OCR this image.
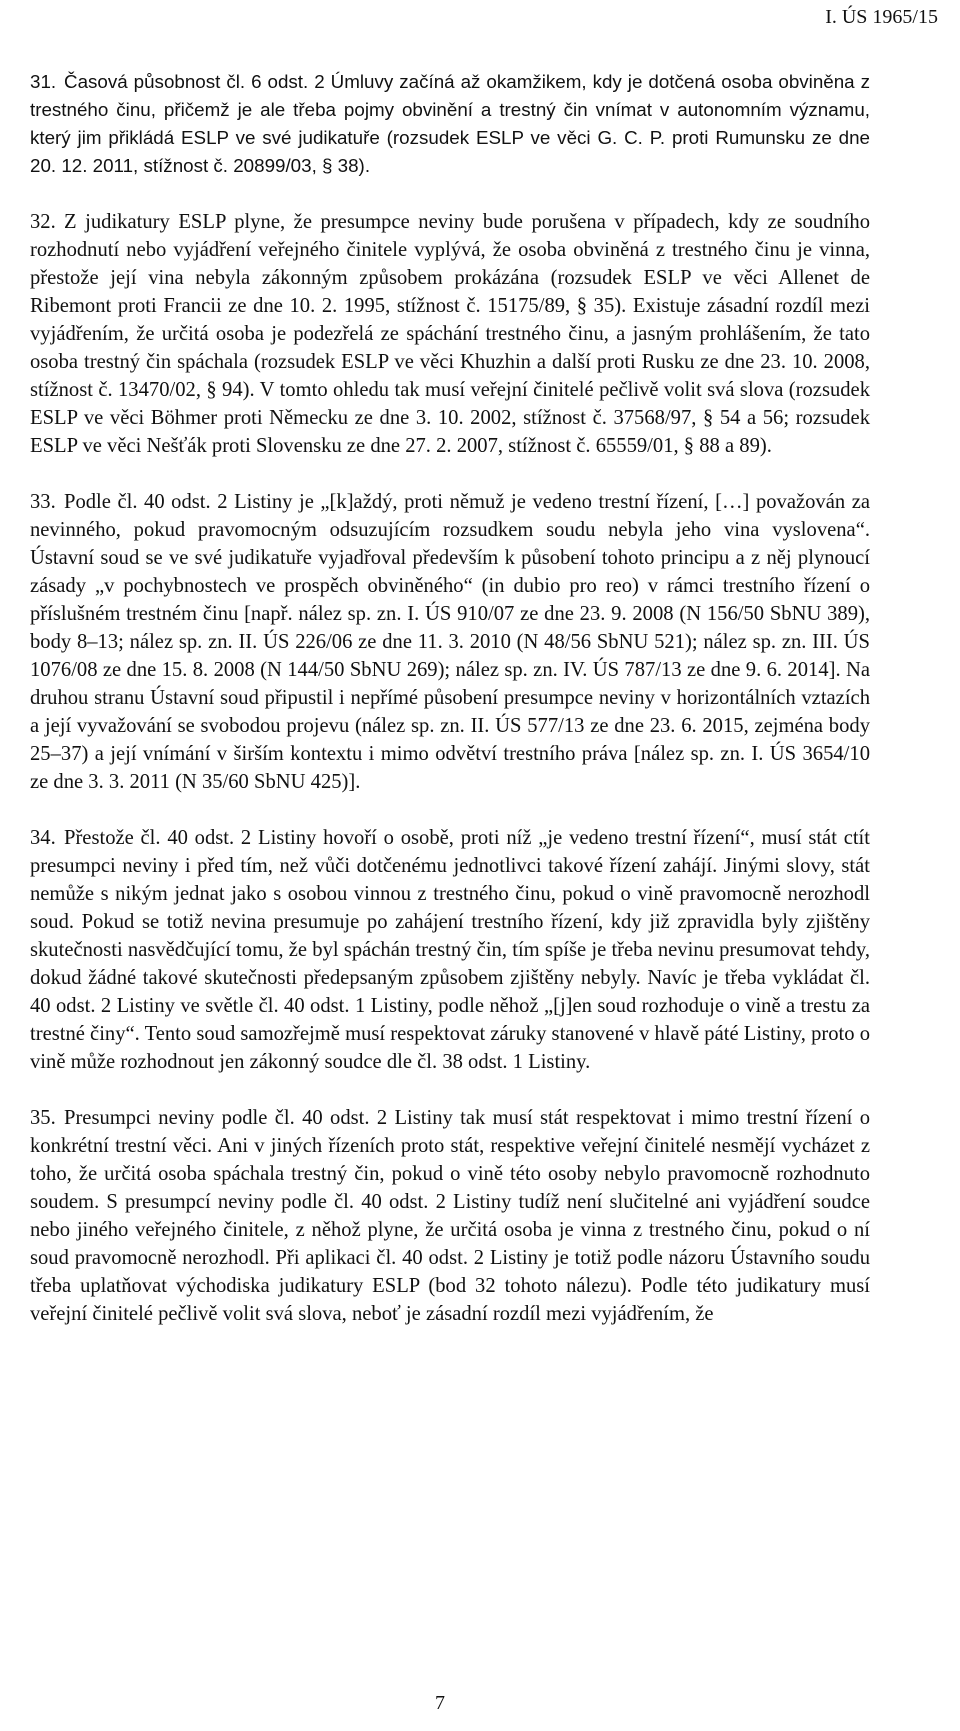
I. ÚS 1965/15

31. Časová působnost čl. 6 odst. 2 Úmluvy začíná až okamžikem, kdy je dotčená osoba obviněna z trestného činu, přičemž je ale třeba pojmy obvinění a trestný čin vnímat v autonomním významu, který jim přikládá ESLP ve své judikatuře (rozsudek ESLP ve věci G. C. P. proti Rumunsku ze dne 20. 12. 2011, stížnost č. 20899/03, § 38).

32. Z judikatury ESLP plyne, že presumpce neviny bude porušena v případech, kdy ze soudního rozhodnutí nebo vyjádření veřejného činitele vyplývá, že osoba obviněná z trestného činu je vinna, přestože její vina nebyla zákonným způsobem prokázána (rozsudek ESLP ve věci Allenet de Ribemont proti Francii ze dne 10. 2. 1995, stížnost č. 15175/89, § 35). Existuje zásadní rozdíl mezi vyjádřením, že určitá osoba je podezřelá ze spáchání trestného činu, a jasným prohlášením, že tato osoba trestný čin spáchala (rozsudek ESLP ve věci Khuzhin a další proti Rusku ze dne 23. 10. 2008, stížnost č. 13470/02, § 94). V tomto ohledu tak musí veřejní činitelé pečlivě volit svá slova (rozsudek ESLP ve věci Böhmer proti Německu ze dne 3. 10. 2002, stížnost č. 37568/97, § 54 a 56; rozsudek ESLP ve věci Nešťák proti Slovensku ze dne 27. 2. 2007, stížnost č. 65559/01, § 88 a 89).

33. Podle čl. 40 odst. 2 Listiny je „[k]aždý, proti němuž je vedeno trestní řízení, […] považován za nevinného, pokud pravomocným odsuzujícím rozsudkem soudu nebyla jeho vina vyslovena“. Ústavní soud se ve své judikatuře vyjadřoval především k působení tohoto principu a z něj plynoucí zásady „v pochybnostech ve prospěch obviněného“ (in dubio pro reo) v rámci trestního řízení o příslušném trestném činu [např. nález sp. zn. I. ÚS 910/07 ze dne 23. 9. 2008 (N 156/50 SbNU 389), body 8–13; nález sp. zn. II. ÚS 226/06 ze dne 11. 3. 2010 (N 48/56 SbNU 521); nález sp. zn. III. ÚS 1076/08 ze dne 15. 8. 2008 (N 144/50 SbNU 269); nález sp. zn. IV. ÚS 787/13 ze dne 9. 6. 2014]. Na druhou stranu Ústavní soud připustil i nepřímé působení presumpce neviny v horizontálních vztazích a její vyvažování se svobodou projevu (nález sp. zn. II. ÚS 577/13 ze dne 23. 6. 2015, zejména body 25–37) a její vnímání v širším kontextu i mimo odvětví trestního práva [nález sp. zn. I. ÚS 3654/10 ze dne 3. 3. 2011 (N 35/60 SbNU 425)].

34. Přestože čl. 40 odst. 2 Listiny hovoří o osobě, proti níž „je vedeno trestní řízení“, musí stát ctít presumpci neviny i před tím, než vůči dotčenému jednotlivci takové řízení zahájí. Jinými slovy, stát nemůže s nikým jednat jako s osobou vinnou z trestného činu, pokud o vině pravomocně nerozhodl soud. Pokud se totiž nevina presumuje po zahájení trestního řízení, kdy již zpravidla byly zjištěny skutečnosti nasvědčující tomu, že byl spáchán trestný čin, tím spíše je třeba nevinu presumovat tehdy, dokud žádné takové skutečnosti předepsaným způsobem zjištěny nebyly. Navíc je třeba vykládat čl. 40 odst. 2 Listiny ve světle čl. 40 odst. 1 Listiny, podle něhož „[j]en soud rozhoduje o vině a trestu za trestné činy“. Tento soud samozřejmě musí respektovat záruky stanovené v hlavě páté Listiny, proto o vině může rozhodnout jen zákonný soudce dle čl. 38 odst. 1 Listiny.

35. Presumpci neviny podle čl. 40 odst. 2 Listiny tak musí stát respektovat i mimo trestní řízení o konkrétní trestní věci. Ani v jiných řízeních proto stát, respektive veřejní činitelé nesmějí vycházet z toho, že určitá osoba spáchala trestný čin, pokud o vině této osoby nebylo pravomocně rozhodnuto soudem. S presumpcí neviny podle čl. 40 odst. 2 Listiny tudíž není slučitelné ani vyjádření soudce nebo jiného veřejného činitele, z něhož plyne, že určitá osoba je vinna z trestného činu, pokud o ní soud pravomocně nerozhodl. Při aplikaci čl. 40 odst. 2 Listiny je totiž podle názoru Ústavního soudu třeba uplatňovat východiska judikatury ESLP (bod 32 tohoto nálezu). Podle této judikatury musí veřejní činitelé pečlivě volit svá slova, neboť je zásadní rozdíl mezi vyjádřením, že

7
